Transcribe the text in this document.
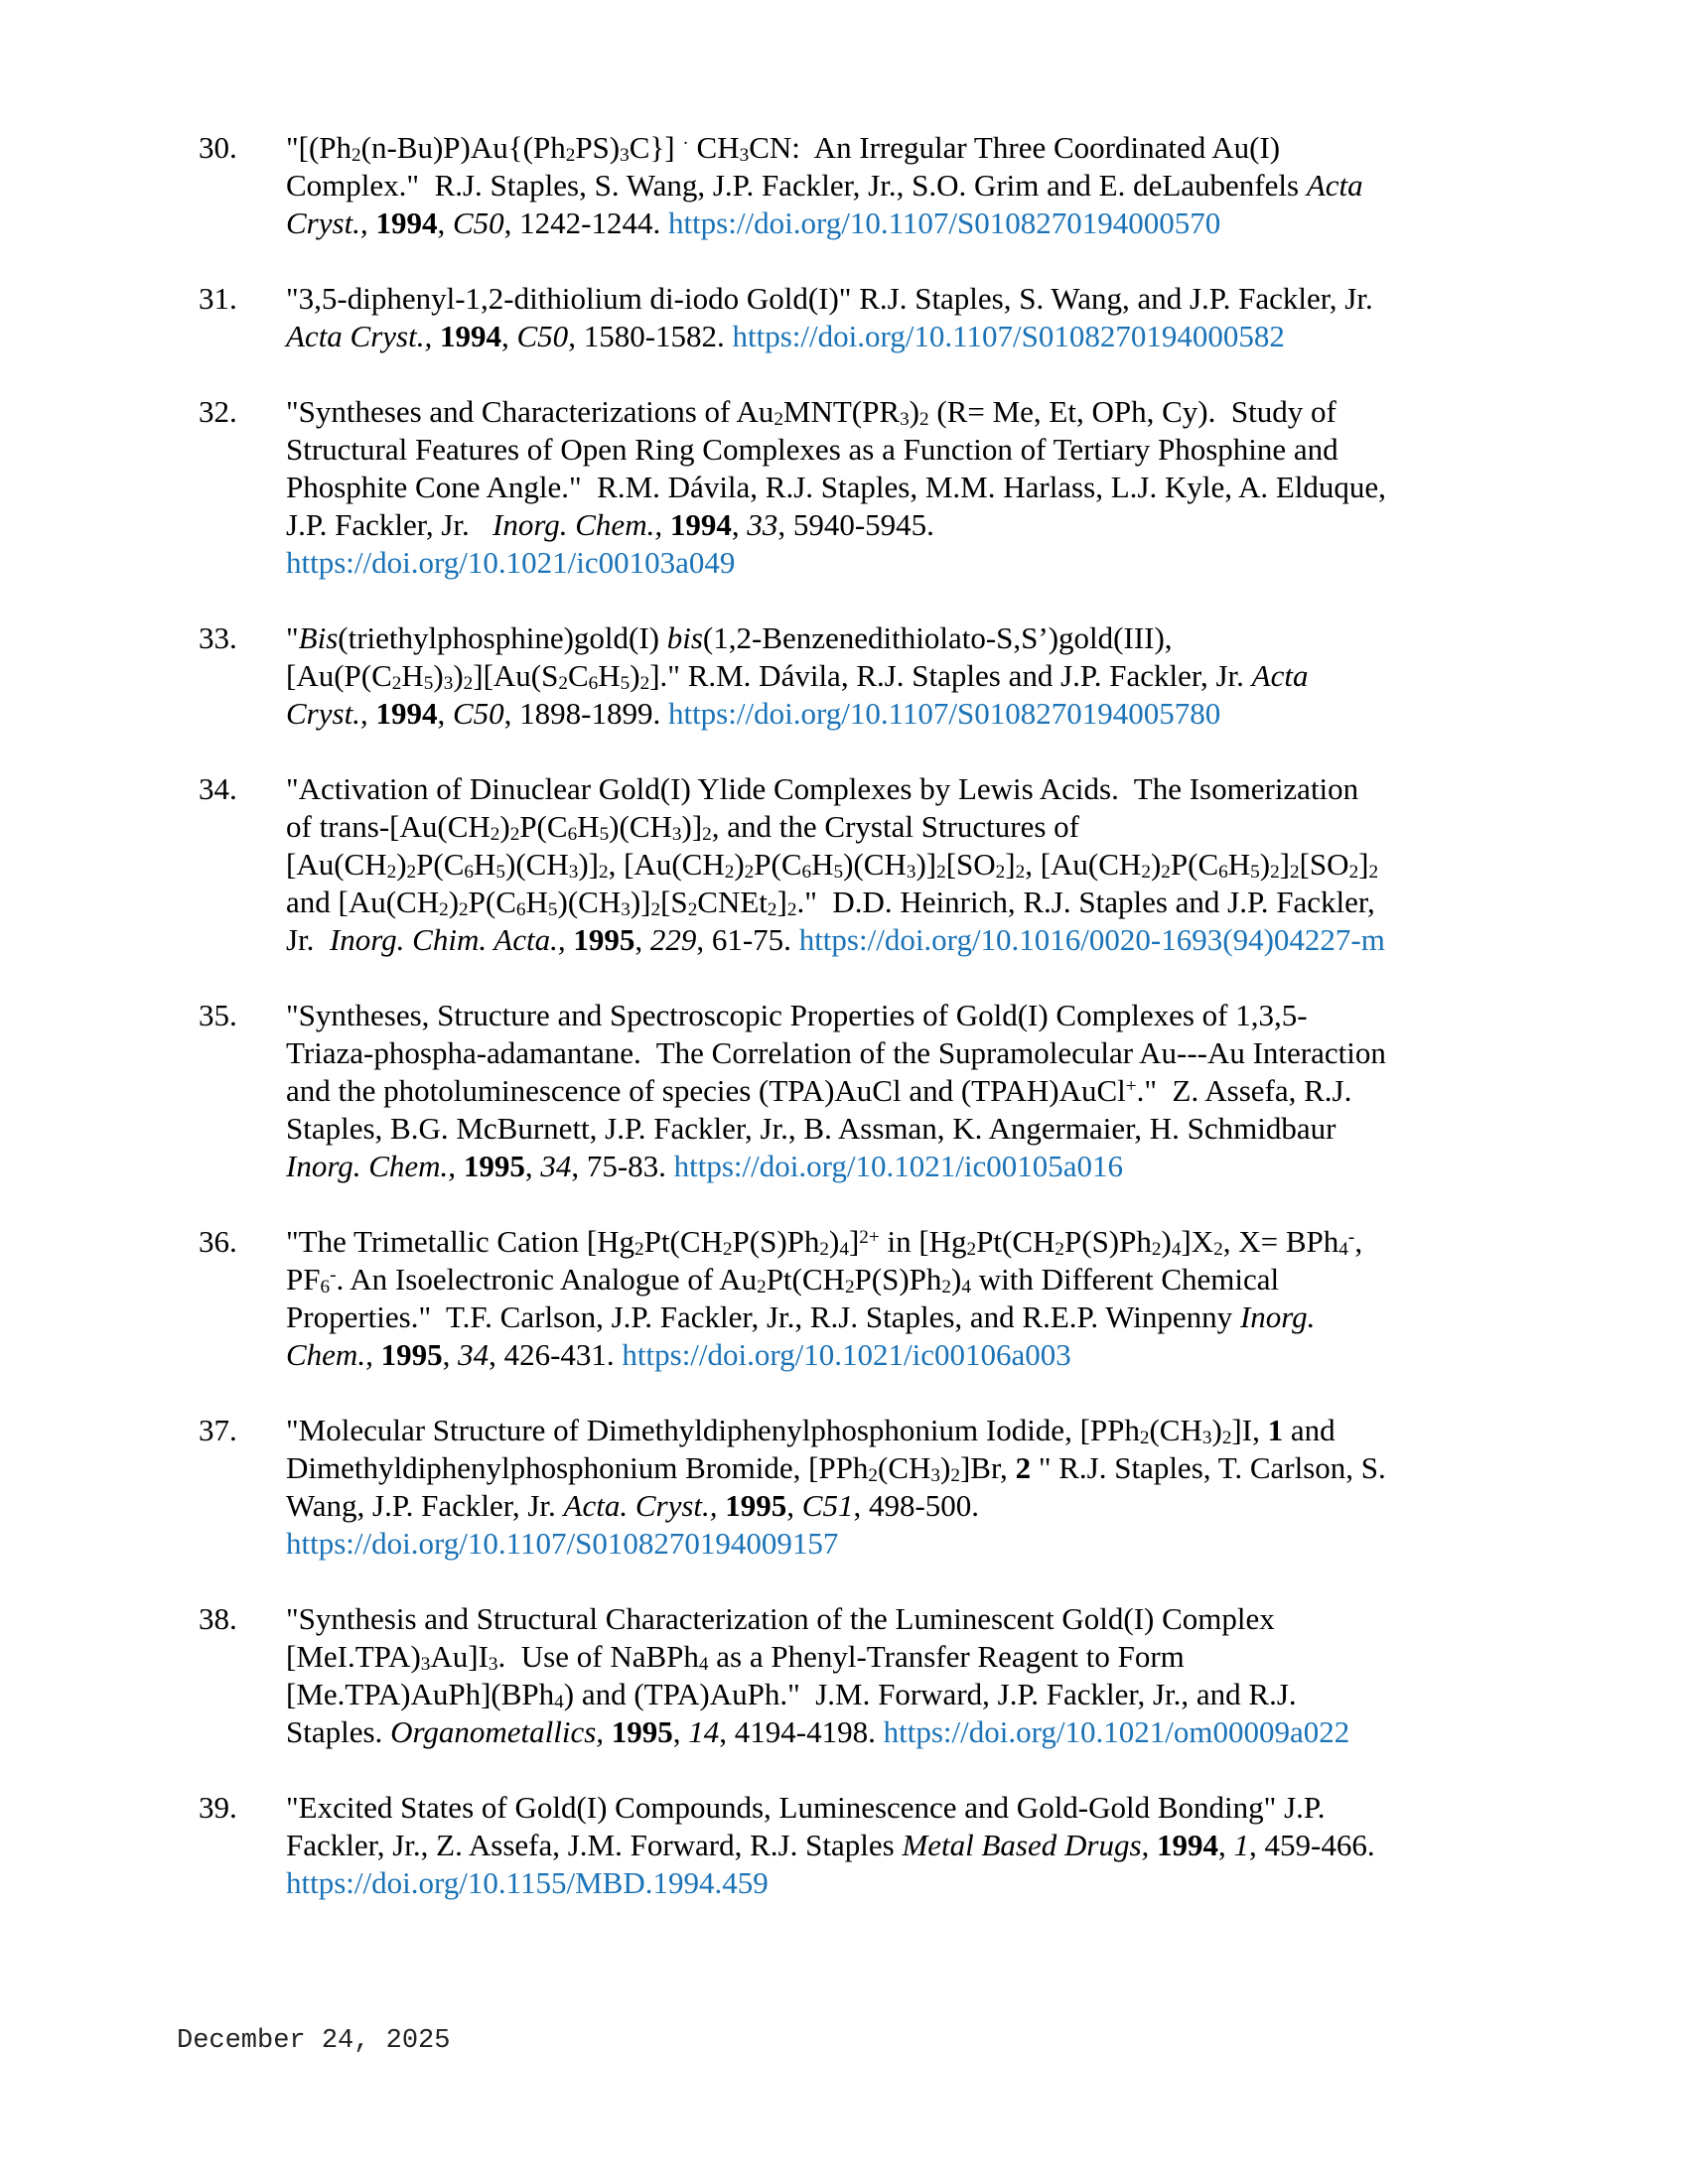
30.	"$[(Ph_2(n-Bu)P)Au\{(Ph_2PS)_3C\}]$ · $CH_3CN$:  An Irregular Three Coordinated Au(I)
Complex."  R.J. Staples, S. Wang, J.P. Fackler, Jr., S.O. Grim and E. deLaubenfels Acta
Cryst., 1994, C50, 1242-1244. https://doi.org/10.1107/S0108270194000570
31.	"3,5-diphenyl-1,2-dithiolium di-iodo Gold(I)" R.J. Staples, S. Wang, and J.P. Fackler, Jr.
Acta Cryst., 1994, C50, 1580-1582. https://doi.org/10.1107/S0108270194000582
32.	"Syntheses and Characterizations of $Au_2MNT(PR_3)_2$ (R= Me, Et, OPh, Cy).  Study of
Structural Features of Open Ring Complexes as a Function of Tertiary Phosphine and
Phosphite Cone Angle."  R.M. Dávila, R.J. Staples, M.M. Harlass, L.J. Kyle, A. Elduque,
J.P. Fackler, Jr.   Inorg. Chem., 1994, 33, 5940-5945.
https://doi.org/10.1021/ic00103a049
33.	"Bis(triethylphosphine)gold(I) bis(1,2-Benzenedithiolato-S,S’)gold(III),
$[Au(P(C_2H_5)_3)_2][Au(S_2C_6H_5)_2]$." R.M. Dávila, R.J. Staples and J.P. Fackler, Jr. Acta
Cryst., 1994, C50, 1898-1899. https://doi.org/10.1107/S0108270194005780
34.	"Activation of Dinuclear Gold(I) Ylide Complexes by Lewis Acids.  The Isomerization
of trans-$[Au(CH_2)_2P(C_6H_5)(CH_3)]_2$, and the Crystal Structures of
$[Au(CH_2)_2P(C_6H_5)(CH_3)]_2$, $[Au(CH_2)_2P(C_6H_5)(CH_3)]_2[SO_2]_2$, $[Au(CH_2)_2P(C_6H_5)_2]_2[SO_2]_2$
and $[Au(CH_2)_2P(C_6H_5)(CH_3)]_2[S_2CNEt_2]_2$."  D.D. Heinrich, R.J. Staples and J.P. Fackler,
Jr.  Inorg. Chim. Acta., 1995, 229, 61-75. https://doi.org/10.1016/0020-1693(94)04227-m
35.	"Syntheses, Structure and Spectroscopic Properties of Gold(I) Complexes of 1,3,5-
Triaza-phospha-adamantane.  The Correlation of the Supramolecular Au---Au Interaction
and the photoluminescence of species (TPA)AuCl and (TPAH)AuCl+."  Z. Assefa, R.J.
Staples, B.G. McBurnett, J.P. Fackler, Jr., B. Assman, K. Angermaier, H. Schmidbaur
Inorg. Chem., 1995, 34, 75-83. https://doi.org/10.1021/ic00105a016
36.	"The Trimetallic Cation $[Hg_2Pt(CH_2P(S)Ph_2)_4]^{2+}$ in $[Hg_2Pt(CH_2P(S)Ph_2)_4]X_2$, X= BPh$_4$-,
$PF_6^-$. An Isoelectronic Analogue of $Au_2Pt(CH_2P(S)Ph_2)_4$ with Different Chemical
Properties."  T.F. Carlson, J.P. Fackler, Jr., R.J. Staples, and R.E.P. Winpenny Inorg.
Chem., 1995, 34, 426-431. https://doi.org/10.1021/ic00106a003
37.	"Molecular Structure of Dimethyldiphenylphosphonium Iodide, $[PPh_2(CH_3)_2]I$, 1 and
Dimethyldiphenylphosphonium Bromide, $[PPh_2(CH_3)_2]Br$, 2 " R.J. Staples, T. Carlson, S.
Wang, J.P. Fackler, Jr. Acta. Cryst., 1995, C51, 498-500.
https://doi.org/10.1107/S0108270194009157
38.	"Synthesis and Structural Characterization of the Luminescent Gold(I) Complex
$[MeI.TPA)_3Au]I_3$.  Use of NaBPh$_4$ as a Phenyl-Transfer Reagent to Form
[Me.TPA)AuPh](BPh$_4$) and (TPA)AuPh."  J.M. Forward, J.P. Fackler, Jr., and R.J.
Staples. Organometallics, 1995, 14, 4194-4198. https://doi.org/10.1021/om00009a022
39.	"Excited States of Gold(I) Compounds, Luminescence and Gold-Gold Bonding" J.P.
Fackler, Jr., Z. Assefa, J.M. Forward, R.J. Staples Metal Based Drugs, 1994, 1, 459-466.
https://doi.org/10.1155/MBD.1994.459
December 24, 2025
